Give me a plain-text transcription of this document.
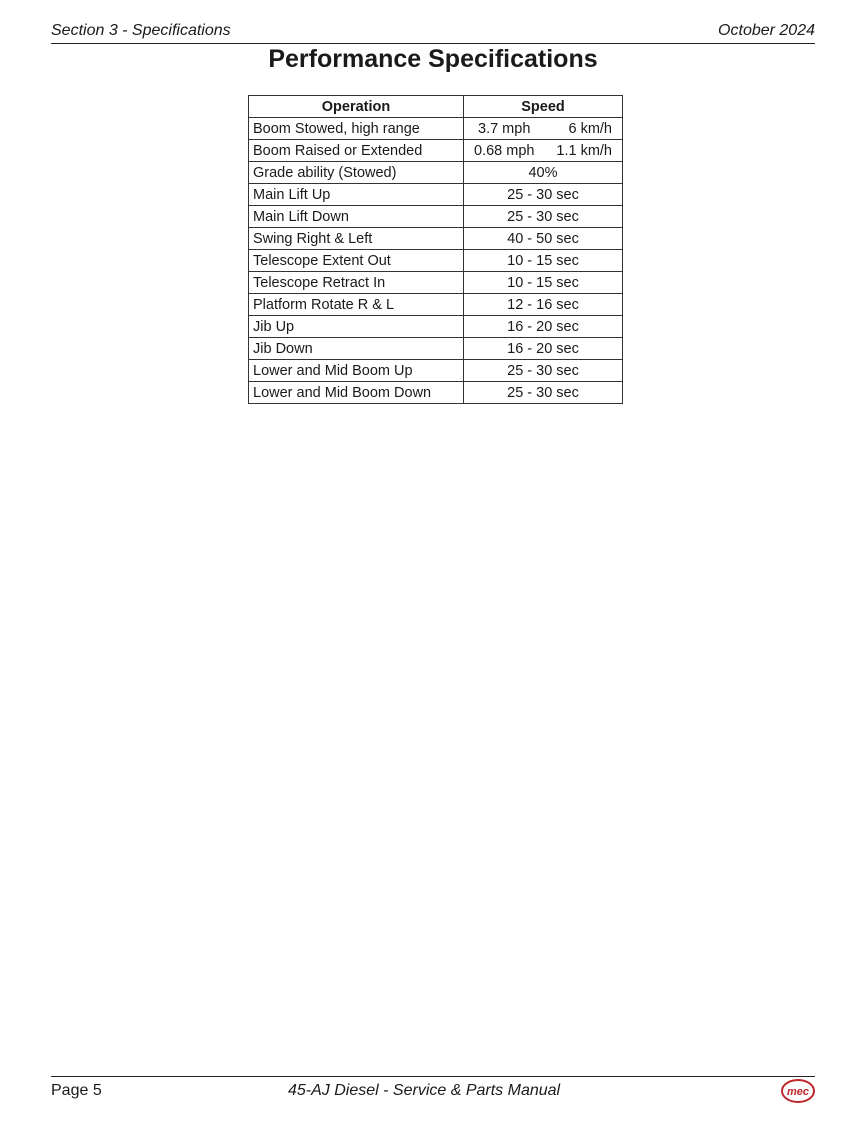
Section 3 - Specifications	October 2024
Performance Specifications
Operation	Speed
Boom Stowed, high range	3.7 mph 6 km/h

Boom Raised or Extended	0.68 mph 1.1 km/h

Grade ability (Stowed)	40%
Main Lift Up	25 - 30 sec
Main Lift Down	25 - 30 sec
Swing Right & Left	40 - 50 sec
Telescope Extent Out	10 - 15 sec
Telescope Retract In	10 - 15 sec
Platform Rotate R & L	12 - 16 sec
Jib Up	16 - 20 sec
Jib Down	16 - 20 sec
Lower and Mid Boom Up	25 - 30 sec
Lower and Mid Boom Down	25 - 30 sec
Page 5	45-AJ Diesel - Service & Parts Manual	mec
